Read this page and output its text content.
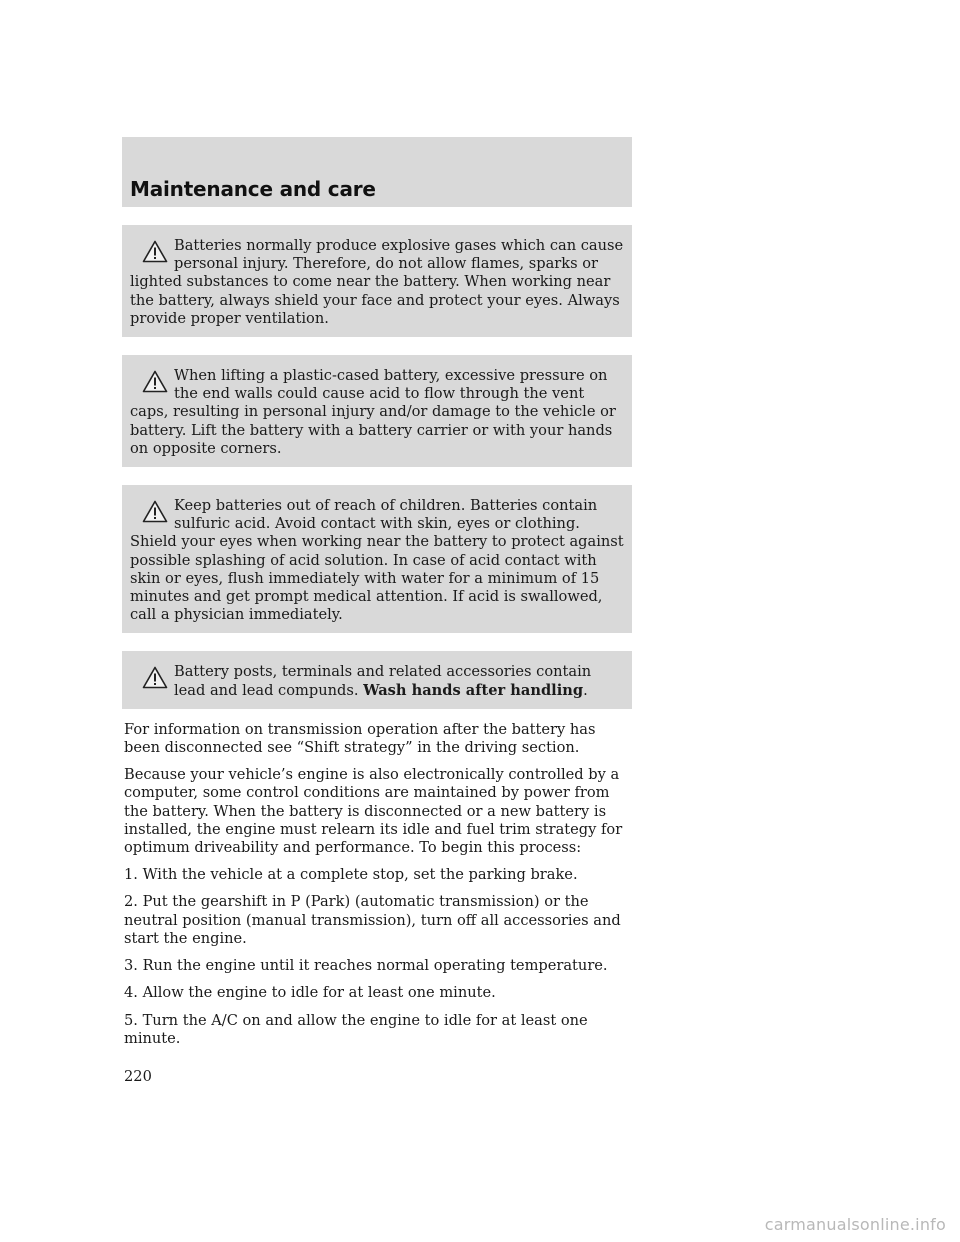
Maintenance and care
Batteries normally produce explosive gases which can cause personal injury. Therefore, do not allow flames, sparks or lighted substances to come near the battery. When working near the battery, always shield your face and protect your eyes. Always provide proper ventilation.
When lifting a plastic-cased battery, excessive pressure on the end walls could cause acid to flow through the vent caps, resulting in personal injury and/or damage to the vehicle or battery. Lift the battery with a battery carrier or with your hands on opposite corners.
Keep batteries out of reach of children. Batteries contain sulfuric acid. Avoid contact with skin, eyes or clothing. Shield your eyes when working near the battery to protect against possible splashing of acid solution. In case of acid contact with skin or eyes, flush immediately with water for a minimum of 15 minutes and get prompt medical attention. If acid is swallowed, call a physician immediately.
Battery posts, terminals and related accessories contain lead and lead compunds. Wash hands after handling.

For information on transmission operation after the battery has been disconnected see “Shift strategy” in the driving section.

Because your vehicle’s engine is also electronically controlled by a computer, some control conditions are maintained by power from the battery. When the battery is disconnected or a new battery is installed, the engine must relearn its idle and fuel trim strategy for optimum driveability and performance. To begin this process:

1. With the vehicle at a complete stop, set the parking brake.

2. Put the gearshift in P (Park) (automatic transmission) or the neutral position (manual transmission), turn off all accessories and start the engine.

3. Run the engine until it reaches normal operating temperature.

4. Allow the engine to idle for at least one minute.

5. Turn the A/C on and allow the engine to idle for at least one minute.

220
carmanualsonline.info
